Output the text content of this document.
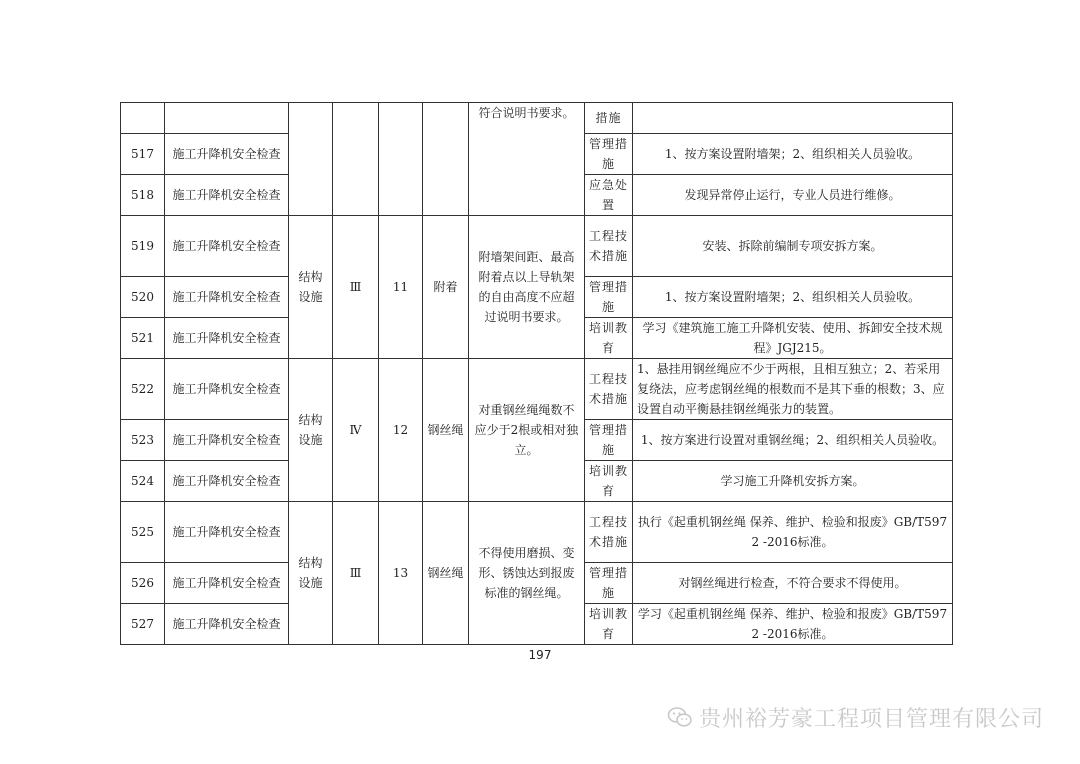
						符合说明书要求。	措施	
517	施工升降机安全检查						管理措施	1、按方案设置附墙架；2、组织相关人员验收。
518	施工升降机安全检查						应急处置	发现异常停止运行，专业人员进行维修。
519	施工升降机安全检查	结构设施	Ⅲ	11	附着	附墙架间距、最高附着点以上导轨架的自由高度不应超过说明书要求。	工程技术措施	安装、拆除前编制专项安拆方案。
520	施工升降机安全检查						管理措施	1、按方案设置附墙架；2、组织相关人员验收。
521	施工升降机安全检查						培训教育	学习《建筑施工施工升降机安装、使用、拆卸安全技术规程》JGJ215。
522	施工升降机安全检查	结构设施	Ⅳ	12	钢丝绳	对重钢丝绳绳数不应少于2根或相对独立。	工程技术措施	1、悬挂用钢丝绳应不少于两根，且相互独立；2、若采用复绕法，应考虑钢丝绳的根数而不是其下垂的根数；3、应设置自动平衡悬挂钢丝绳张力的装置。
523	施工升降机安全检查						管理措施	1、按方案进行设置对重钢丝绳；2、组织相关人员验收。
524	施工升降机安全检查						培训教育	学习施工升降机安拆方案。
525	施工升降机安全检查	结构设施	Ⅲ	13	钢丝绳	不得使用磨损、变形、锈蚀达到报废标准的钢丝绳。	工程技术措施	执行《起重机钢丝绳 保养、维护、检验和报废》GB/T5972 -2016标准。
526	施工升降机安全检查						管理措施	对钢丝绳进行检查，不符合要求不得使用。
527	施工升降机安全检查						培训教育	学习《起重机钢丝绳 保养、维护、检验和报废》GB/T5972 -2016标准。
197
贵州裕芳豪工程项目管理有限公司
